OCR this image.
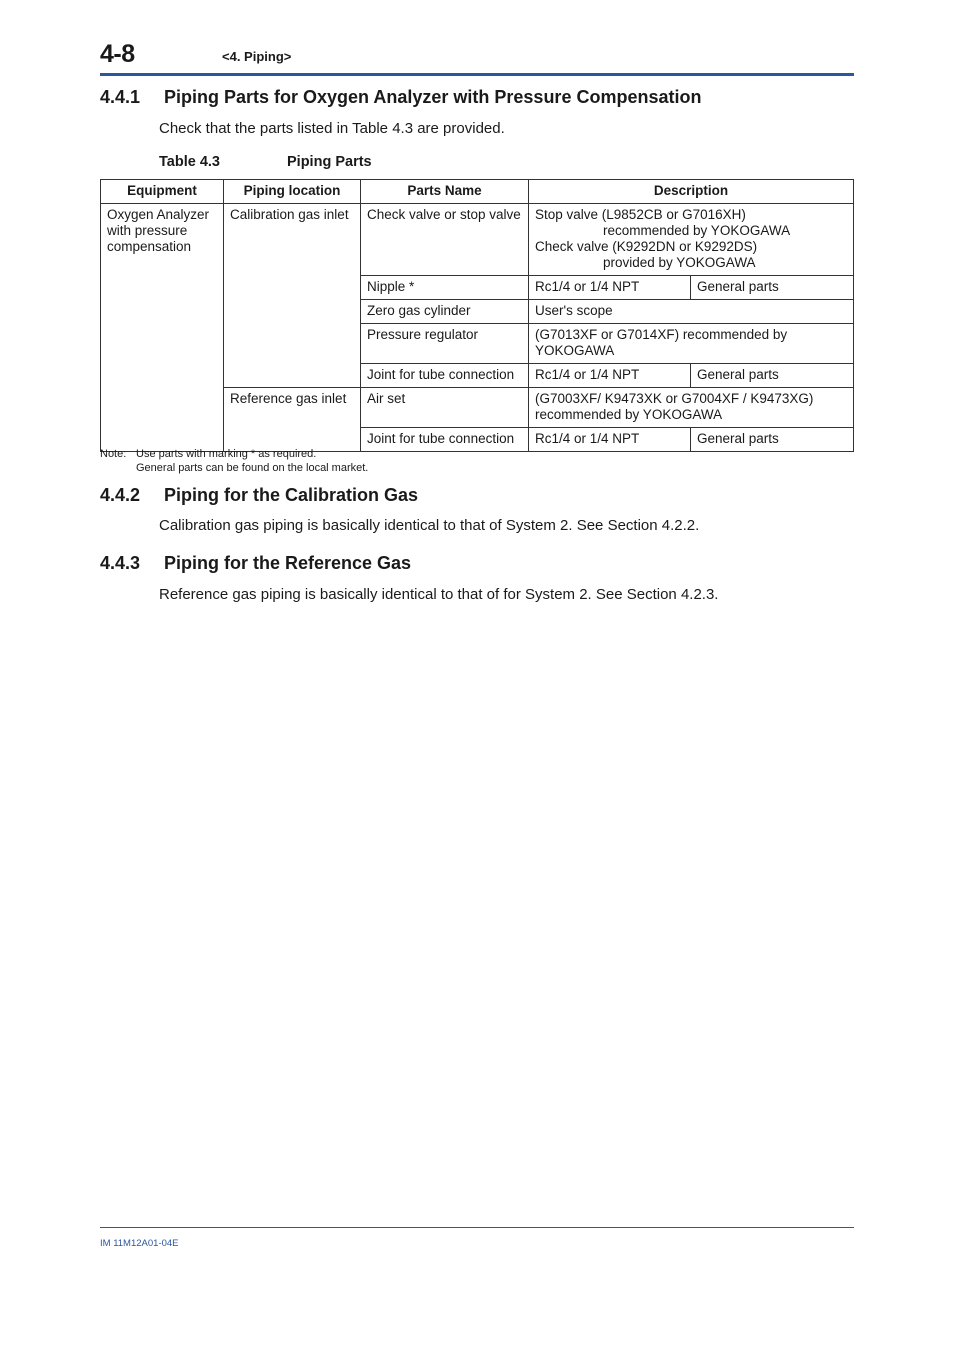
4-8	<4. Piping>
4.4.1 Piping Parts for Oxygen Analyzer with Pressure Compensation
Check that the parts listed in Table 4.3 are provided.
Table 4.3	Piping Parts
Equipment	Piping location	Parts Name	Description	
Oxygen Analyzer with pressure compensation	Calibration gas inlet	Check valve or stop valve	Stop valve (L9852CB or G7016XH)
recommended by YOKOGAWA
Check valve (K9292DN or K9292DS)
provided by YOKOGAWA	

		Nipple *	Rc1/4 or 1/4 NPT	General parts
		Zero gas cylinder	User's scope	
		Pressure regulator	(G7013XF or G7014XF) recommended by YOKOGAWA	
		Joint for tube connection	Rc1/4 or 1/4 NPT	General parts
	Reference gas inlet	Air set	(G7003XF/ K9473XK or G7004XF / K9473XG) recommended by YOKOGAWA	
		Joint for tube connection	Rc1/4 or 1/4 NPT	General parts
Note: Use parts with marking * as required.
General parts can be found on the local market.
4.4.2 Piping for the Calibration Gas
Calibration gas piping is basically identical to that of System 2. See Section 4.2.2.
4.4.3 Piping for the Reference Gas
Reference gas piping is basically identical to that of for System 2. See Section 4.2.3.
IM 11M12A01-04E
